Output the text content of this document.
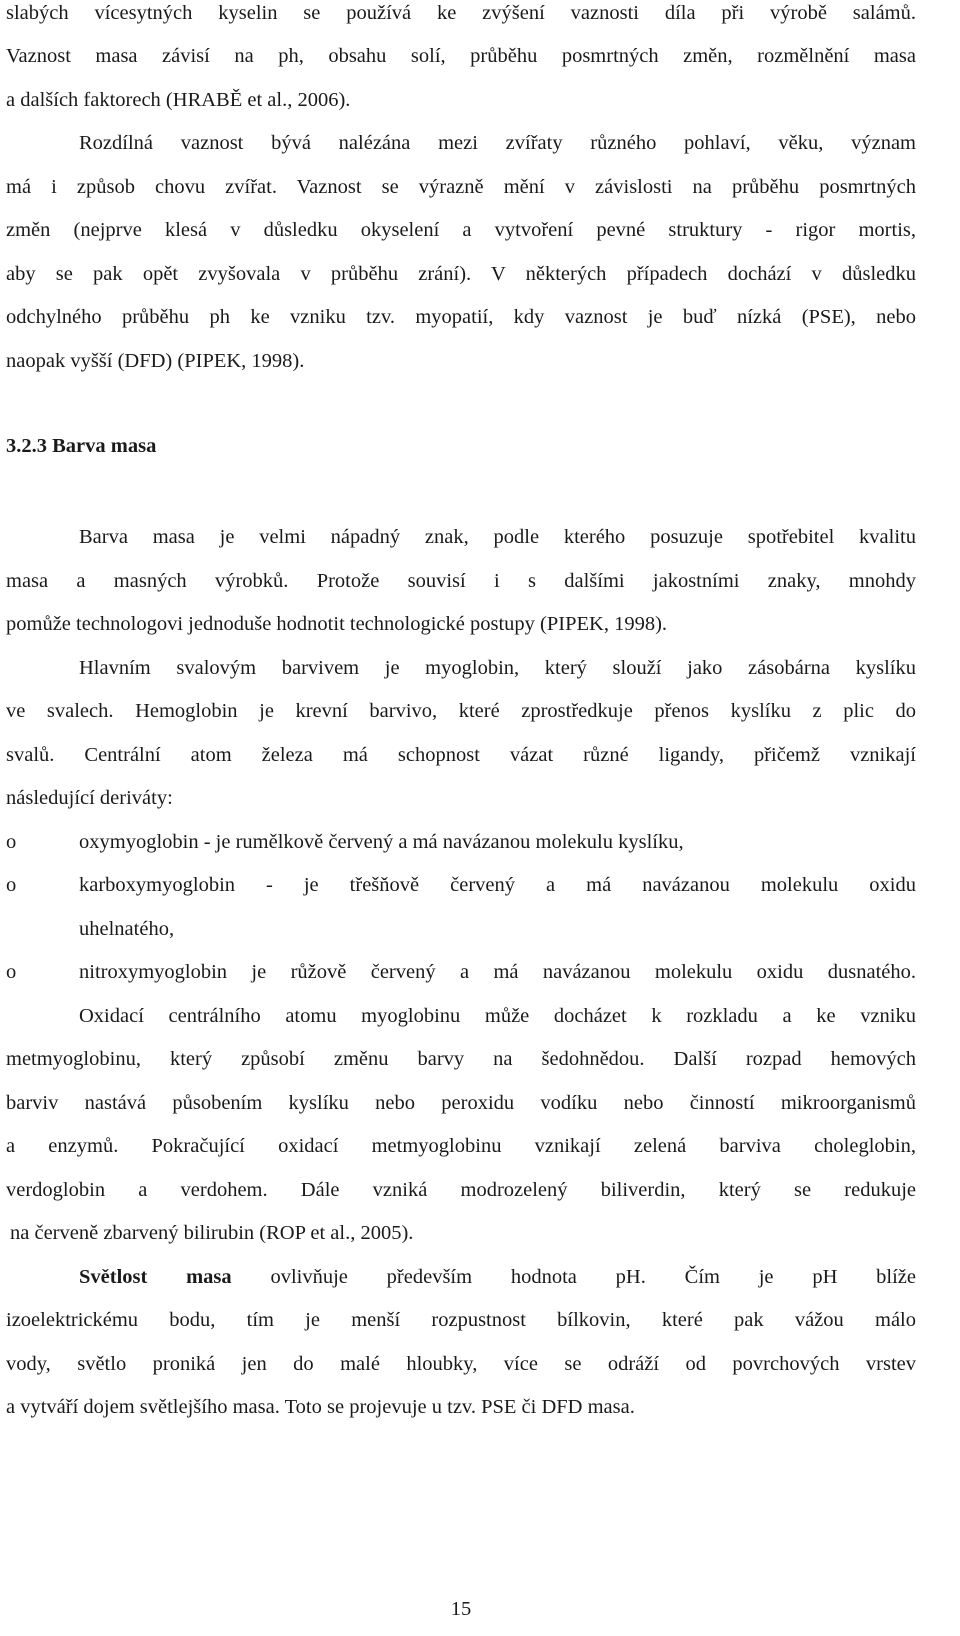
slabých vícesytných kyselin se používá ke zvýšení vaznosti díla při výrobě salámů.
Vaznost masa závisí na ph, obsahu solí, průběhu posmrtných změn, rozmělnění masa
a dalších faktorech (HRABĚ et al., 2006).
Rozdílná vaznost bývá nalézána mezi zvířaty různého pohlaví, věku, význam
má i způsob chovu zvířat. Vaznost se výrazně mění v závislosti na průběhu posmrtných
změn (nejprve klesá v důsledku okyselení a vytvoření pevné struktury - rigor mortis,
aby se pak opět zvyšovala v průběhu zrání). V některých případech dochází v důsledku
odchylného průběhu ph ke vzniku tzv. myopatií, kdy vaznost je buď nízká (PSE), nebo
naopak vyšší (DFD) (PIPEK, 1998).
3.2.3 Barva masa
Barva masa je velmi nápadný znak, podle kterého posuzuje spotřebitel kvalitu
masa a masných výrobků. Protože souvisí i s dalšími jakostními znaky, mnohdy
pomůže technologovi jednoduše hodnotit technologické postupy (PIPEK, 1998).
Hlavním svalovým barvivem je myoglobin, který slouží jako zásobárna kyslíku
ve svalech. Hemoglobin je krevní barvivo, které zprostředkuje přenos kyslíku z plic do
svalů. Centrální atom železa má schopnost vázat různé ligandy, přičemž vznikají
následující deriváty:
o	oxymyoglobin - je rumělkově červený a má navázanou molekulu kyslíku,
o	karboxymyoglobin - je třešňově červený a má navázanou molekulu oxidu
uhelnatého,
o	nitroxymyoglobin je růžově červený a má navázanou molekulu oxidu dusnatého.
Oxidací centrálního atomu myoglobinu může docházet k rozkladu a ke vzniku
metmyoglobinu, který způsobí změnu barvy na šedohnědou. Další rozpad hemových
barviv nastává působením kyslíku nebo peroxidu vodíku nebo činností mikroorganismů
a enzymů. Pokračující oxidací metmyoglobinu vznikají zelená barviva choleglobin,
verdoglobin a verdohem. Dále vzniká modrozelený biliverdin, který se redukuje
na červeně zbarvený bilirubin (ROP et al., 2005).
Světlost masa ovlivňuje především hodnota pH. Čím je pH blíže
izoelektrickému bodu, tím je menší rozpustnost bílkovin, které pak vážou málo
vody, světlo proniká jen do malé hloubky, více se odráží od povrchových vrstev
a vytváří dojem světlejšího masa. Toto se projevuje u tzv. PSE či DFD masa.
15
